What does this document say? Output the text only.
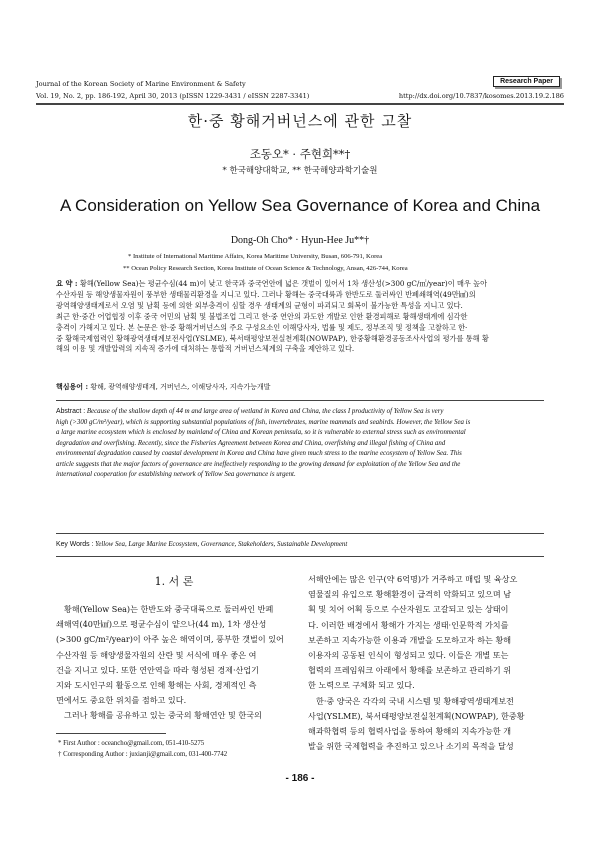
Journal of the Korean Society of Marine Environment & Safety
Vol. 19, No. 2, pp. 186-192, April 30, 2013 (pISSN 1229-3431 / eISSN 2287-3341)	http://dx.doi.org/10.7837/kosomes.2013.19.2.186
Research Paper
한·중 황해거버넌스에 관한 고찰
조동오* · 주현희**†
* 한국해양대학교, ** 한국해양과학기술원
A Consideration on Yellow Sea Governance of Korea and China
Dong-Oh Cho* · Hyun-Hee Ju**†
* Institute of International Maritime Affairs, Korea Maritime University, Busan, 606-791, Korea
** Ocean Policy Research Section, Korea Institute of Ocean Science & Technology, Ansan, 426-744, Korea
요 약 : 황해(Yellow Sea)는 평균수심(44 m)이 낮고 한국과 중국연안에 넓은 갯벌이 있어서 1차 생산성(>300 gC/㎡/year)이 매우 높아
수산자원 등 해양생물자원이 풍부한 생태물리환경을 지니고 있다. 그러나 황해는 중국대륙과 한반도로 둘러싸인 반폐쇄해역(49만㎢)의
광역해양생태계로서 오염 및 남획 등에 의한 외부충격이 심할 경우 생태계의 균형이 파괴되고 회복이 불가능한 특성을 지니고 있다.
최근 한·중간 어업협정 이후 중국 어민의 남획 및 불법조업 그리고 한·중 연안의 과도한 개발로 인한 환경피해로 황해생태계에 심각한
충격이 가해지고 있다. 본 논문은 한·중 황해거버넌스의 주요 구성요소인 이해당사자, 법률 및 제도, 정부조직 및 정책을 고찰하고 한·
중 황해국제협력인 황해광역생태계보전사업(YSLME), 북서태평양보전실천계획(NOWPAP), 한중황해환경공동조사사업의 평가를 통해 황
해의 이용 및 개발압력의 지속적 증가에 대처하는 통합적 거버넌스체계의 구축을 제안하고 있다.
핵심용어 : 황해, 광역해양생태계, 거버넌스, 이해당사자, 지속가능개발
Abstract : Because of the shallow depth of 44 m and large area of wetland in Korea and China, the class I productivity of Yellow Sea is very
high (>300 gC/m²/year), which is supporting substantial populations of fish, invertebrates, marine mammals and seabirds. However, the Yellow Sea is
a large marine ecosystem which is enclosed by mainland of China and Korean peninsula, so it is vulnerable to external stress such as environmental
degradation and overfishing. Recently, since the Fisheries Agreement between Korea and China, overfishing and illegal fishing of China and
environmental degradation caused by coastal development in Korea and China have given much stress to the marine ecosystem of Yellow Sea. This
article suggests that the major factors of governance are ineffectively responding to the growing demand for exploitation of the Yellow Sea and the
international cooperation for establishing network of Yellow Sea governance is urgent.
Key Words : Yellow Sea, Large Marine Ecosystem, Governance, Stakeholders, Sustainable Development
1. 서 론
황해(Yellow Sea)는 한반도와 중국대륙으로 둘러싸인 반폐
쇄해역(40만㎢)으로 평균수심이 얕으나(44 m), 1차 생산성
(>300 gC/m²/year)이 아주 높은 해역이며, 풍부한 갯벌이 있어
수산자원 등 해양생물자원의 산란 및 서식에 매우 좋은 여
건을 지니고 있다. 또한 연안역을 따라 형성된 경제·산업기
지와 도시인구의 활동으로 인해 황해는 사회, 경제적인 측
면에서도 중요한 위치를 점하고 있다.
그러나 황해를 공유하고 있는 중국의 황해연안 및 한국의
* First Author : oceancho@gmail.com, 051-410-5275
† Corresponding Author : juxianji@gmail.com, 031-400-7742
서해안에는 많은 인구(약 6억명)가 거주하고 매립 및 육상오
염물질의 유입으로 황해환경이 급격히 악화되고 있으며 남
획 및 치어 어획 등으로 수산자원도 고갈되고 있는 상태이
다. 이러한 배경에서 황해가 가지는 생태·인문학적 가치를
보존하고 지속가능한 이용과 개발을 도모하고자 하는 황해
이용자의 공동된 인식이 형성되고 있다. 이들은 개별 또는
협력의 프레임워크 아래에서 황해를 보존하고 관리하기 위
한 노력으로 구체화 되고 있다.
한·중 양국은 각각의 국내 시스템 및 황해광역생태계보전
사업(YSLME), 북서태평양보전실천계획(NOWPAP), 한중황
해과학협력 등의 협력사업을 통하여 황해의 지속가능한 개
발을 위한 국제협력을 추진하고 있으나 소기의 목적을 달성
- 186 -
